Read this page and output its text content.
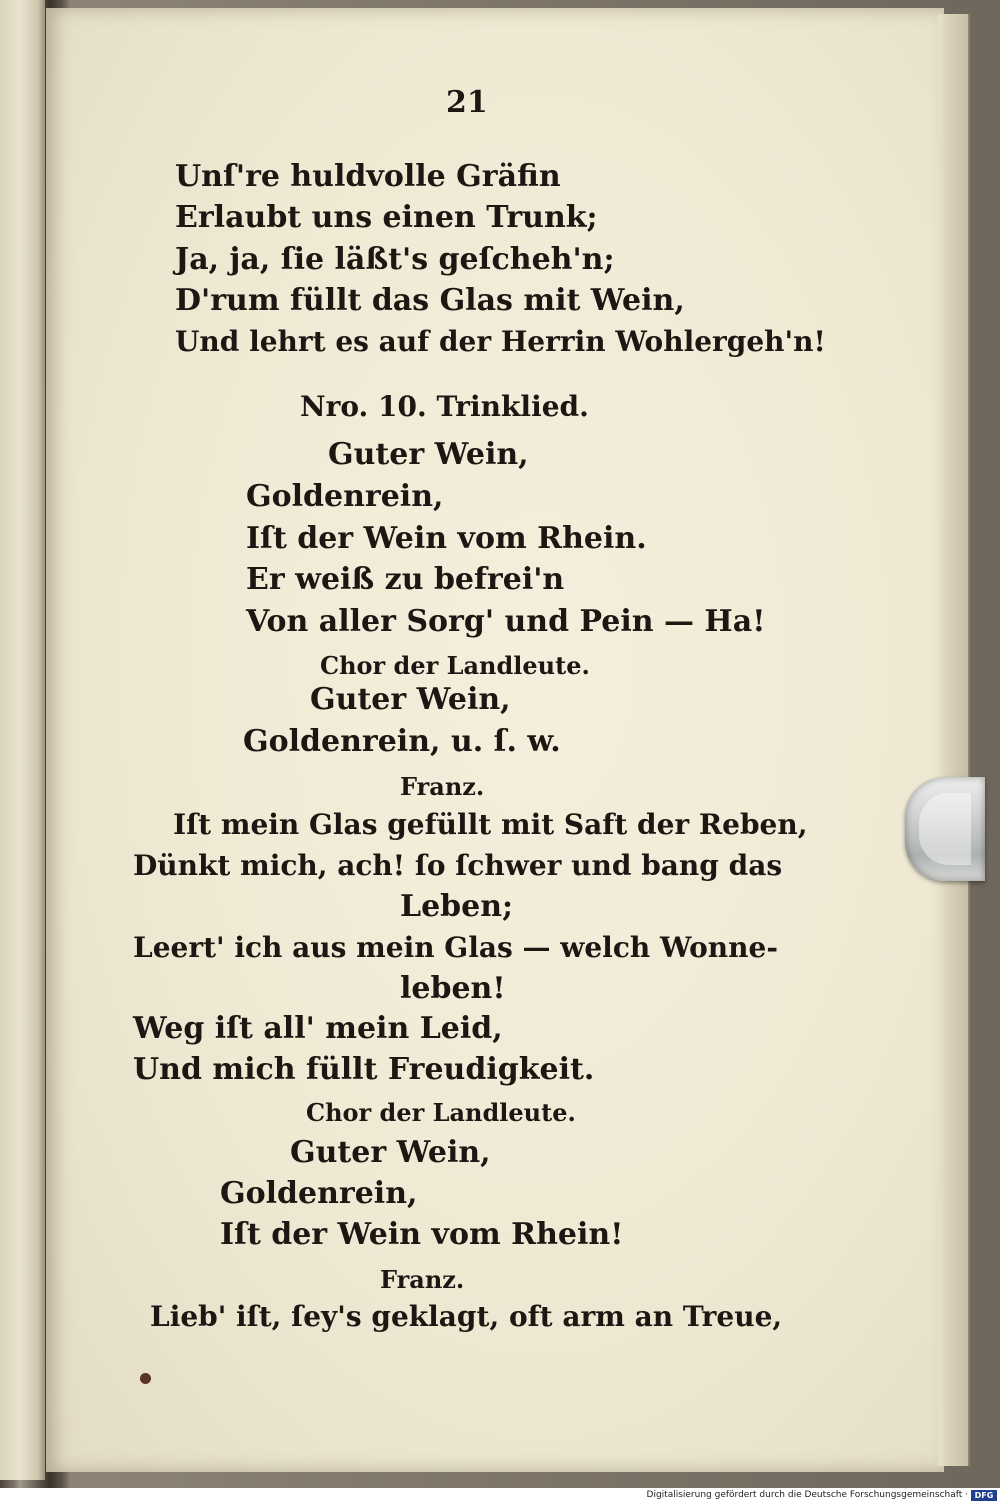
21
Unſ're huldvolle Gräfin
Erlaubt uns einen Trunk;
Ja, ja, ſie läßt's geſcheh'n;
D'rum füllt das Glas mit Wein,
Und lehrt es auf der Herrin Wohlergeh'n!
Nro. 10. Trinklied.
Guter Wein,
Goldenrein,
Iſt der Wein vom Rhein.
Er weiß zu befrei'n
Von aller Sorg' und Pein — Ha!
Chor der Landleute.
Guter Wein,
Goldenrein, u. ſ. w.
Franz.
Iſt mein Glas gefüllt mit Saft der Reben,
Dünkt mich, ach! ſo ſchwer und bang das
Leben;
Leert' ich aus mein Glas — welch Wonne-
leben!
Weg iſt all' mein Leid,
Und mich füllt Freudigkeit.
Chor der Landleute.
Guter Wein,
Goldenrein,
Iſt der Wein vom Rhein!
Franz.
Lieb' iſt, ſey's geklagt, oft arm an Treue,
Digitalisierung gefördert durch die Deutsche Forschungsgemeinschaft · DFG
